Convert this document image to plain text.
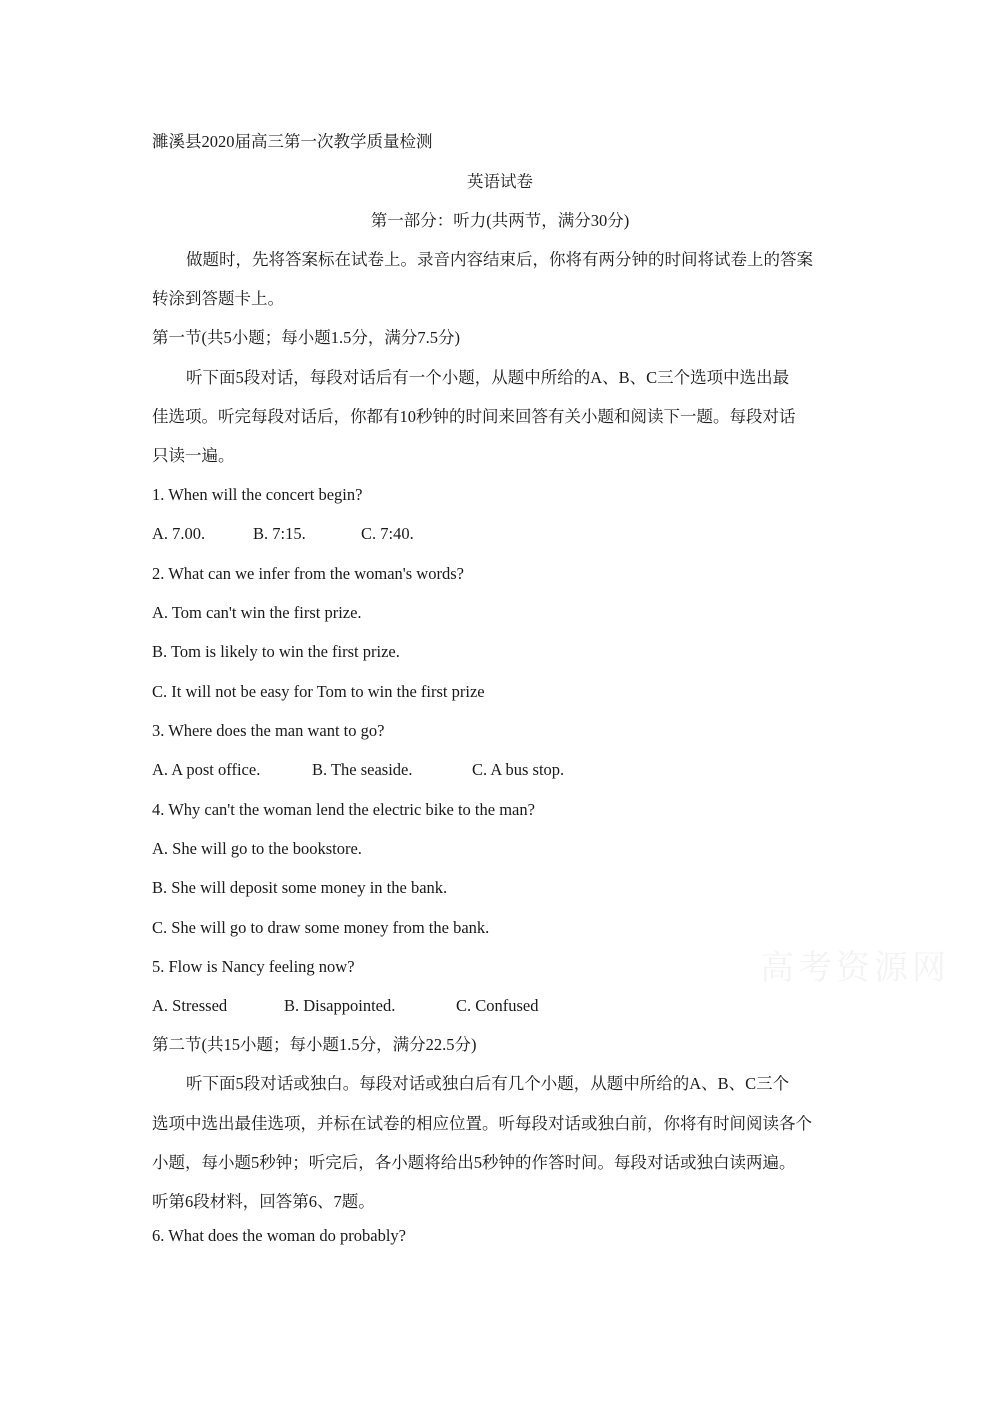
濉溪县2020届高三第一次教学质量检测
英语试卷
第一部分：听力(共两节，满分30分)
做题时，先将答案标在试卷上。录音内容结束后，你将有两分钟的时间将试卷上的答案
转涂到答题卡上。
第一节(共5小题；每小题1.5分，满分7.5分)
听下面5段对话，每段对话后有一个小题，从题中所给的A、B、C三个选项中选出最
佳选项。听完每段对话后，你都有10秒钟的时间来回答有关小题和阅读下一题。每段对话
只读一遍。
1. When will the concert begin?
A. 7.00.	B. 7:15.	C. 7:40.
2. What can we infer from the woman's words?
A. Tom can't win the first prize.
B. Tom is likely to win the first prize.
C. It will not be easy for Tom to win the first prize
3. Where does the man want to go?
A. A post office.	B. The seaside.	C. A bus stop.
4. Why can't the woman lend the electric bike to the man?
A. She will go to the bookstore.
B. She will deposit some money in the bank.
C. She will go to draw some money from the bank.
5. Flow is Nancy feeling now?
A. Stressed	B. Disappointed.	C. Confused
第二节(共15小题；每小题1.5分，满分22.5分)
听下面5段对话或独白。每段对话或独白后有几个小题，从题中所给的A、B、C三个
选项中选出最佳选项，并标在试卷的相应位置。听每段对话或独白前，你将有时间阅读各个
小题，每小题5秒钟；听完后，各小题将给出5秒钟的作答时间。每段对话或独白读两遍。
听第6段材料，回答第6、7题。
6. What does the woman do probably?
高考资源网
